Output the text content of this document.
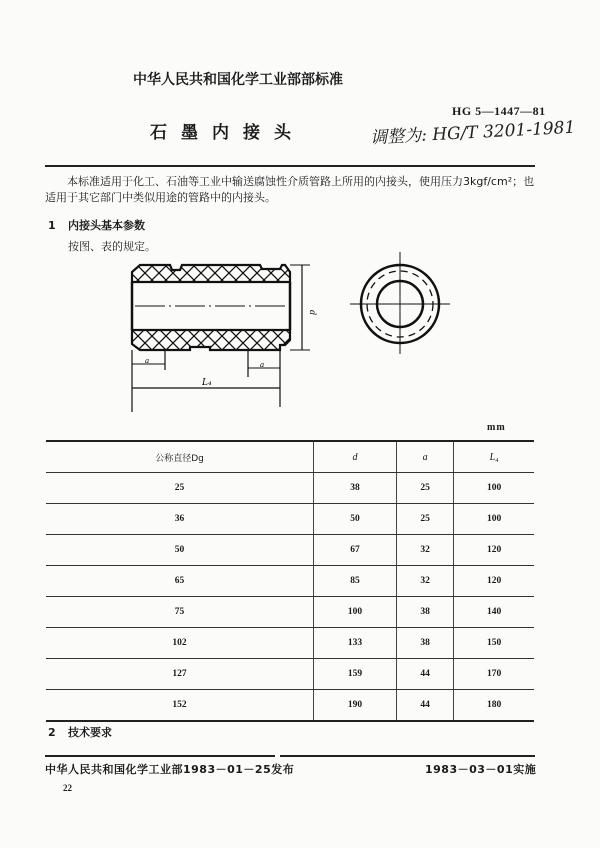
中华人民共和国化学工业部部标准
HG 5—1447—81
石墨内接头	调整为: HG/T 3201-1981
本标准适用于化工、石油等工业中输送腐蚀性介质管路上所用的内接头，使用压力3kgf/cm²；也适用于其它部门中类似用途的管路中的内接头。
1 内接头基本参数
按图、表的规定。
d
a	a
L₄
mm
公称直径Dg	d	a	L₄
25	38	25	100
36	50	25	100
50	67	32	120
65	85	32	120
75	100	38	140
102	133	38	150
127	159	44	170
152	190	44	180
2 技术要求
中华人民共和国化学工业部1983－01－25发布	1983－03－01实施
22
